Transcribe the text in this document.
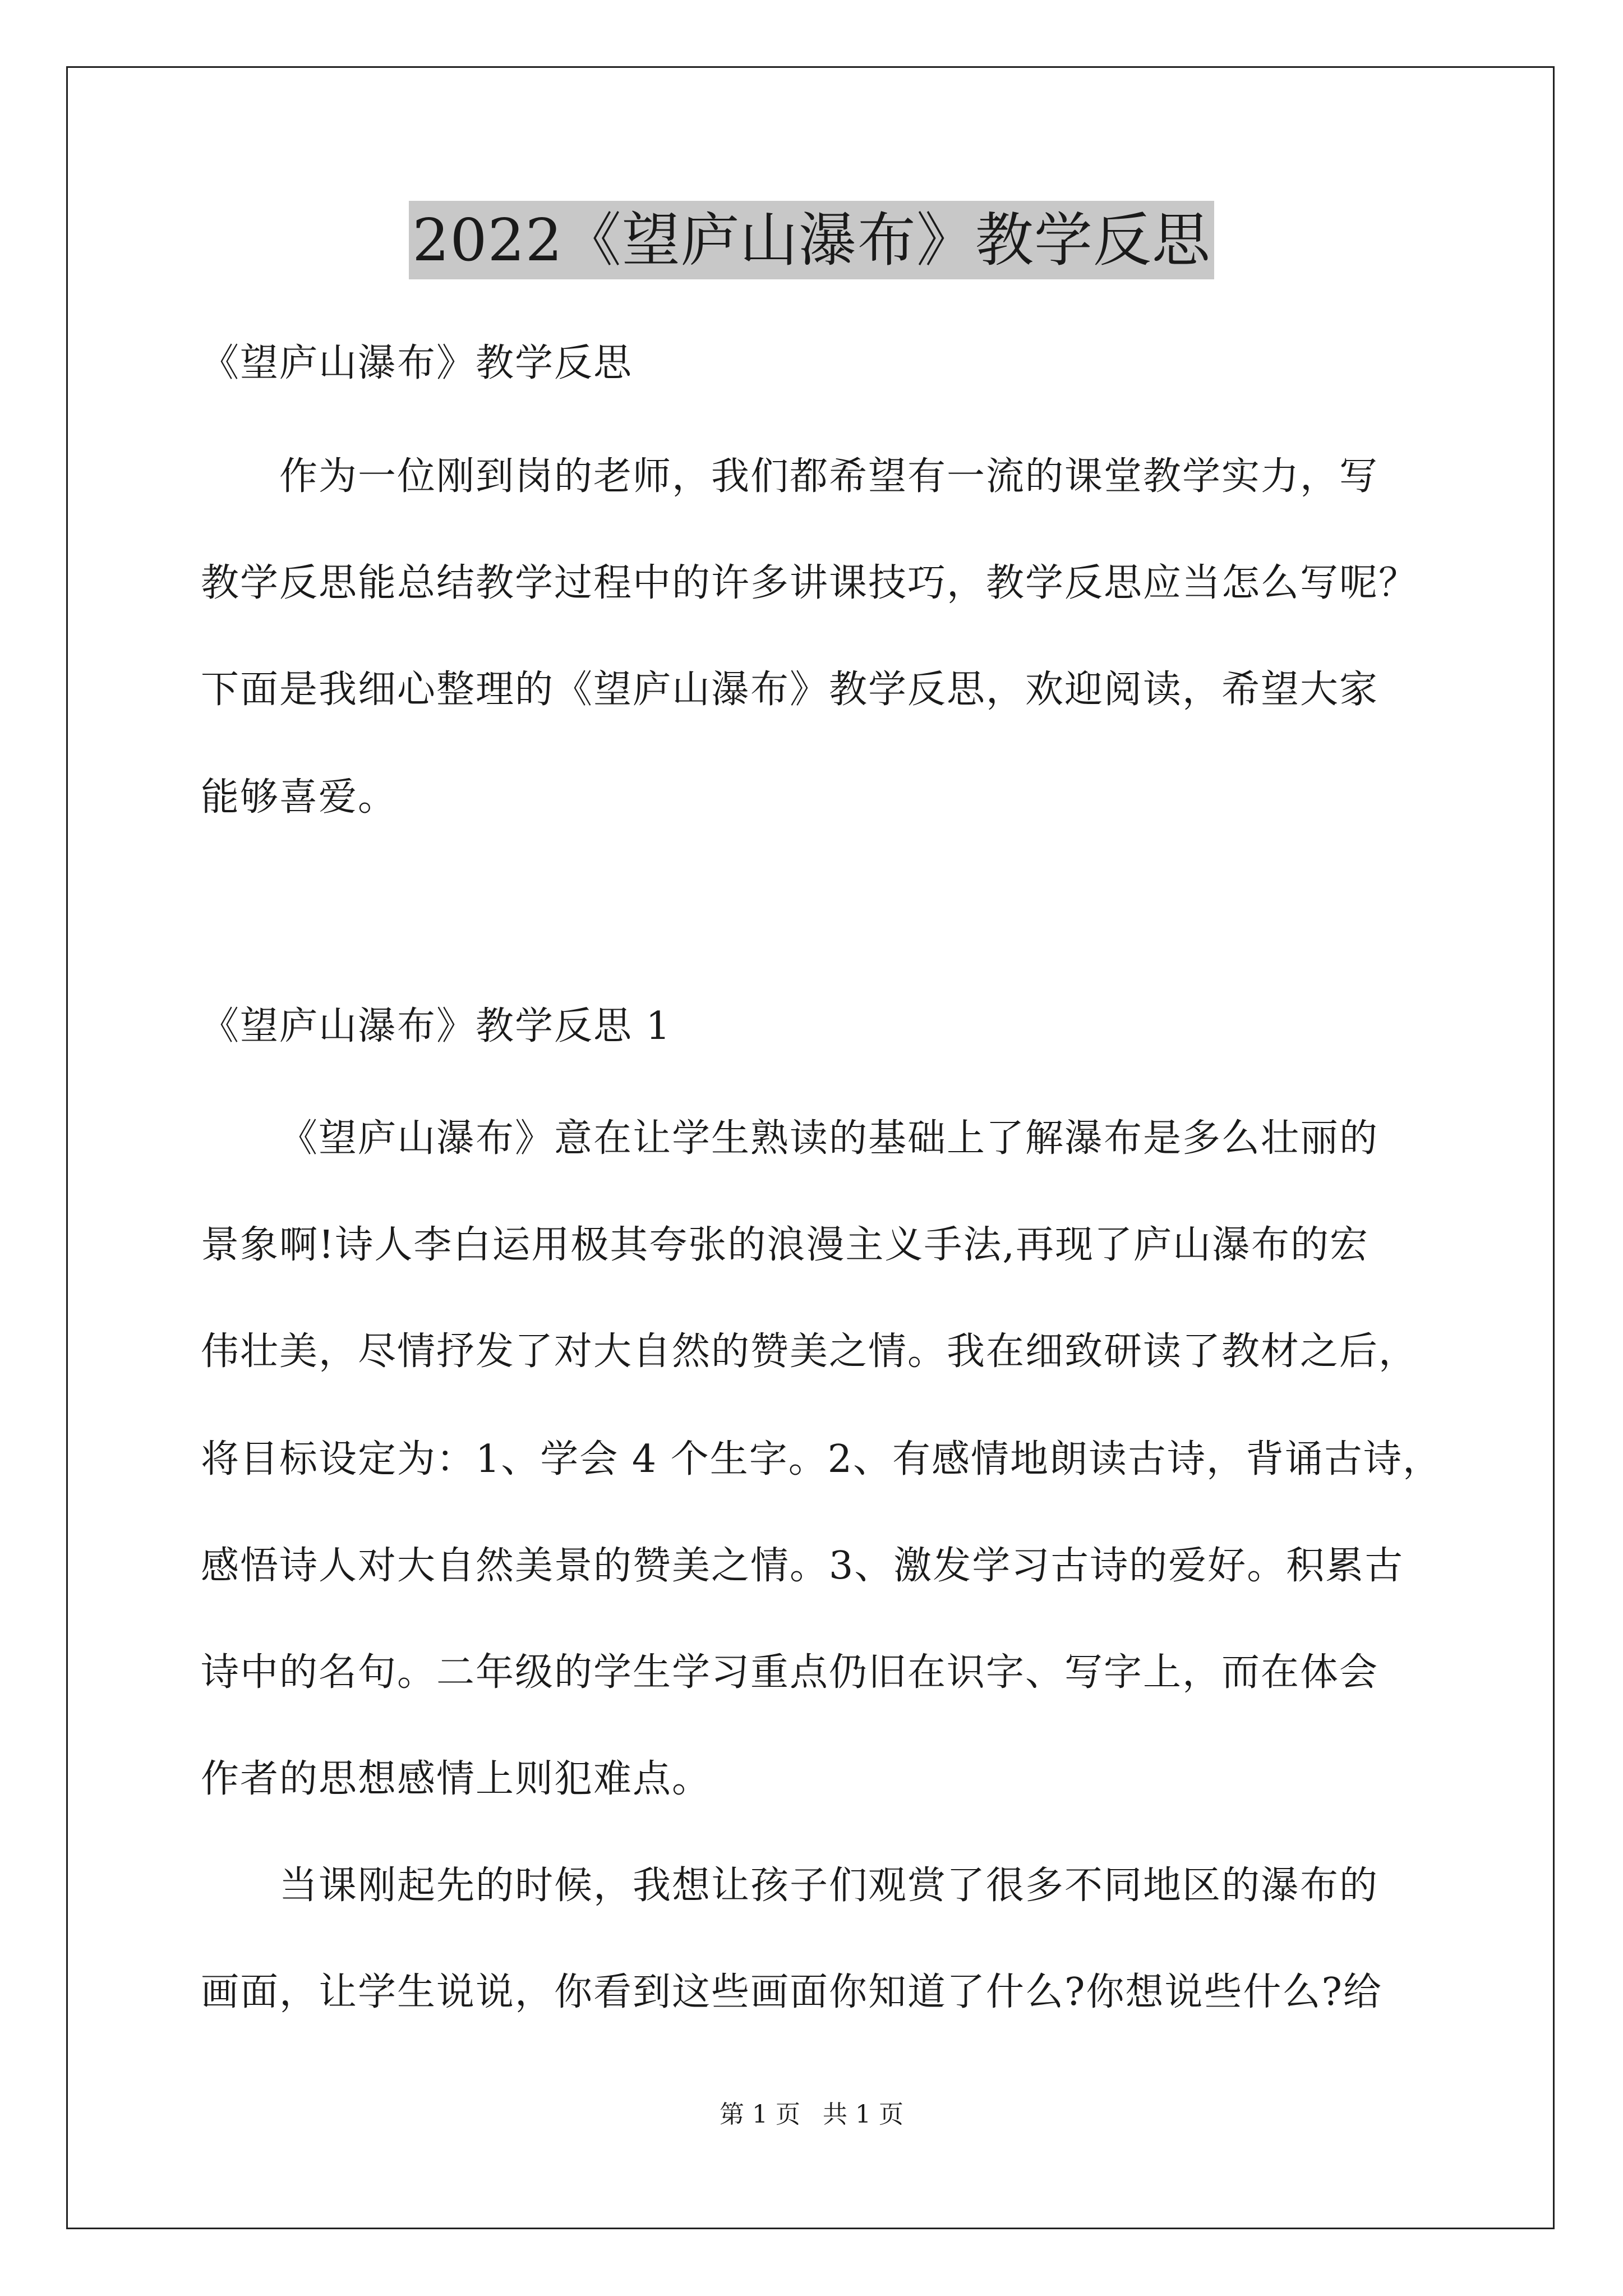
2022《望庐山瀑布》教学反思
《望庐山瀑布》教学反思
作为一位刚到岗的老师，我们都希望有一流的课堂教学实力，写
教学反思能总结教学过程中的许多讲课技巧，教学反思应当怎么写呢？
下面是我细心整理的《望庐山瀑布》教学反思，欢迎阅读，希望大家
能够喜爱。
《望庐山瀑布》教学反思 1
《望庐山瀑布》意在让学生熟读的基础上了解瀑布是多么壮丽的
景象啊!诗人李白运用极其夸张的浪漫主义手法,再现了庐山瀑布的宏
伟壮美，尽情抒发了对大自然的赞美之情。我在细致研读了教材之后，
将目标设定为：1、学会 4 个生字。2、有感情地朗读古诗，背诵古诗，
感悟诗人对大自然美景的赞美之情。3、激发学习古诗的爱好。积累古
诗中的名句。二年级的学生学习重点仍旧在识字、写字上，而在体会
作者的思想感情上则犯难点。
当课刚起先的时候，我想让孩子们观赏了很多不同地区的瀑布的
画面，让学生说说，你看到这些画面你知道了什么?你想说些什么?给
第 1 页 共 1 页
